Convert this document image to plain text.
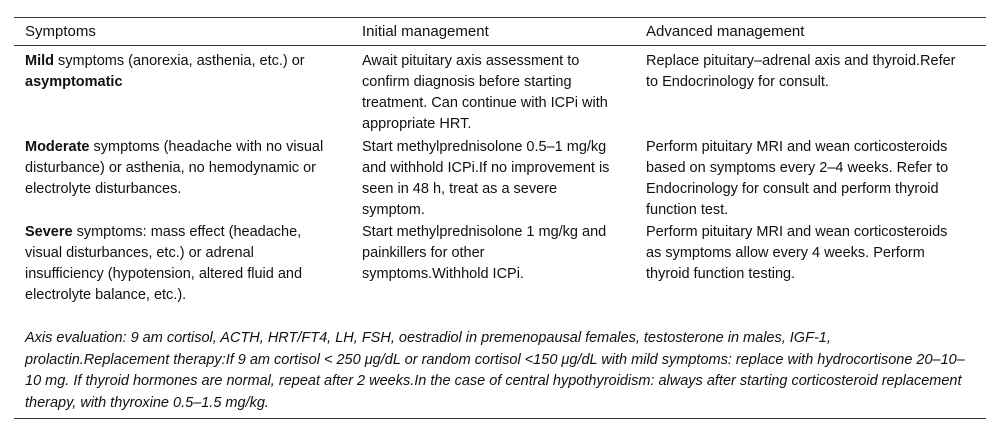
Symptoms	Initial management	Advanced management

Mild symptoms (anorexia, asthenia, etc.) or asymptomatic

Await pituitary axis assessment to confirm diagnosis before starting treatment. Can continue with ICPi with appropriate HRT.

Replace pituitary–adrenal axis and thyroid.Refer to Endocrinology for consult.

Moderate symptoms (headache with no visual disturbance) or asthenia, no hemodynamic or electrolyte disturbances.

Start methylprednisolone 0.5–1 mg/kg and withhold ICPi.If no improvement is seen in 48 h, treat as a severe symptom.

Perform pituitary MRI and wean corticosteroids based on symptoms every 2–4 weeks. Refer to Endocrinology for consult and perform thyroid function test.

Severe symptoms: mass effect (headache, visual disturbances, etc.) or adrenal insufficiency (hypotension, altered fluid and electrolyte balance, etc.).

Start methylprednisolone 1 mg/kg and painkillers for other symptoms.Withhold ICPi.

Perform pituitary MRI and wean corticosteroids as symptoms allow every 4 weeks. Perform thyroid function testing.

Axis evaluation: 9 am cortisol, ACTH, HRT/FT4, LH, FSH, oestradiol in premenopausal females, testosterone in males, IGF-1, prolactin.Replacement therapy:If 9 am cortisol < 250 μg/dL or random cortisol <150 μg/dL with mild symptoms: replace with hydrocortisone 20–10–10 mg. If thyroid hormones are normal, repeat after 2 weeks.In the case of central hypothyroidism: always after starting corticosteroid replacement therapy, with thyroxine 0.5–1.5 mg/kg.
